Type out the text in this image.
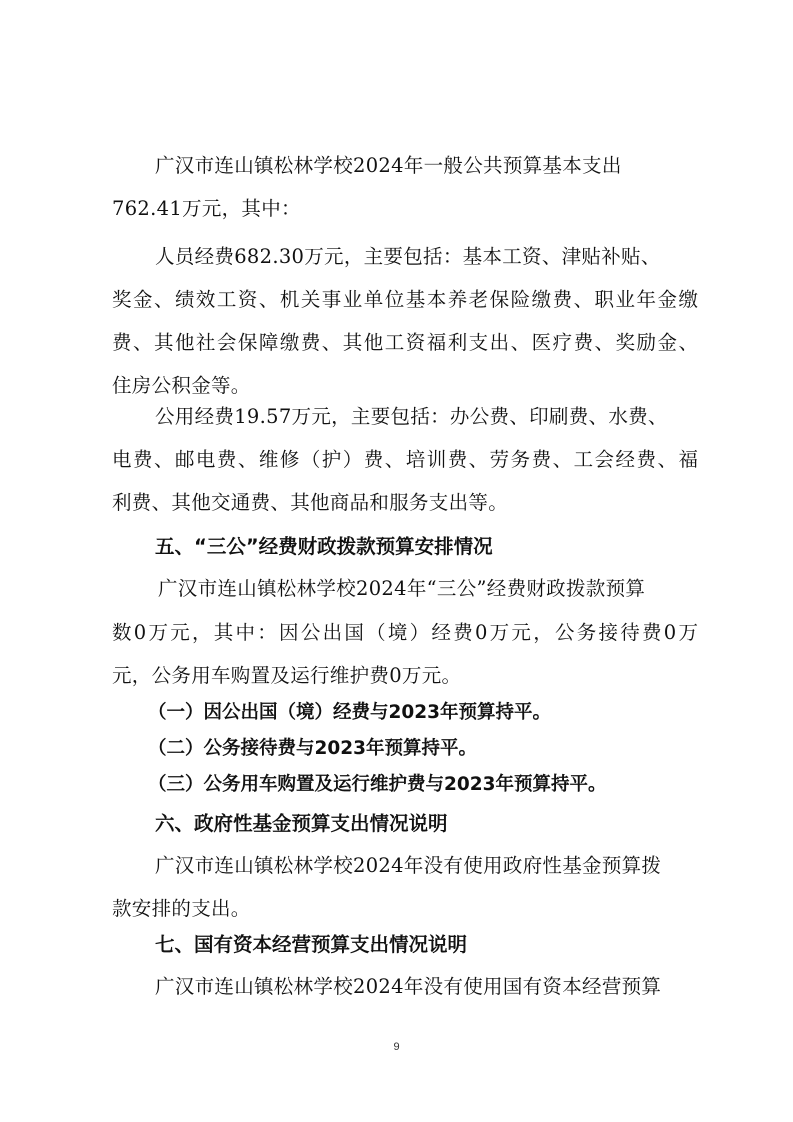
广汉市连山镇松林学校2024年一般公共预算基本支出

762.41万元，其中：

人员经费682.30万元，主要包括：基本工资、津贴补贴、

奖金、绩效工资、机关事业单位基本养老保险缴费、职业年金缴

费、其他社会保障缴费、其他工资福利支出、医疗费、奖励金、

住房公积金等。

公用经费19.57万元，主要包括：办公费、印刷费、水费、

电费、邮电费、维修（护）费、培训费、劳务费、工会经费、福

利费、其他交通费、其他商品和服务支出等。

五、“三公”经费财政拨款预算安排情况

广汉市连山镇松林学校2024年“三公”经费财政拨款预算

数0万元，其中：因公出国（境）经费0万元，公务接待费0万

元，公务用车购置及运行维护费0万元。

（一）因公出国（境）经费与2023年预算持平。
（二）公务接待费与2023年预算持平。
（三）公务用车购置及运行维护费与2023年预算持平。
六、政府性基金预算支出情况说明

广汉市连山镇松林学校2024年没有使用政府性基金预算拨

款安排的支出。

七、国有资本经营预算支出情况说明

广汉市连山镇松林学校2024年没有使用国有资本经营预算

9
